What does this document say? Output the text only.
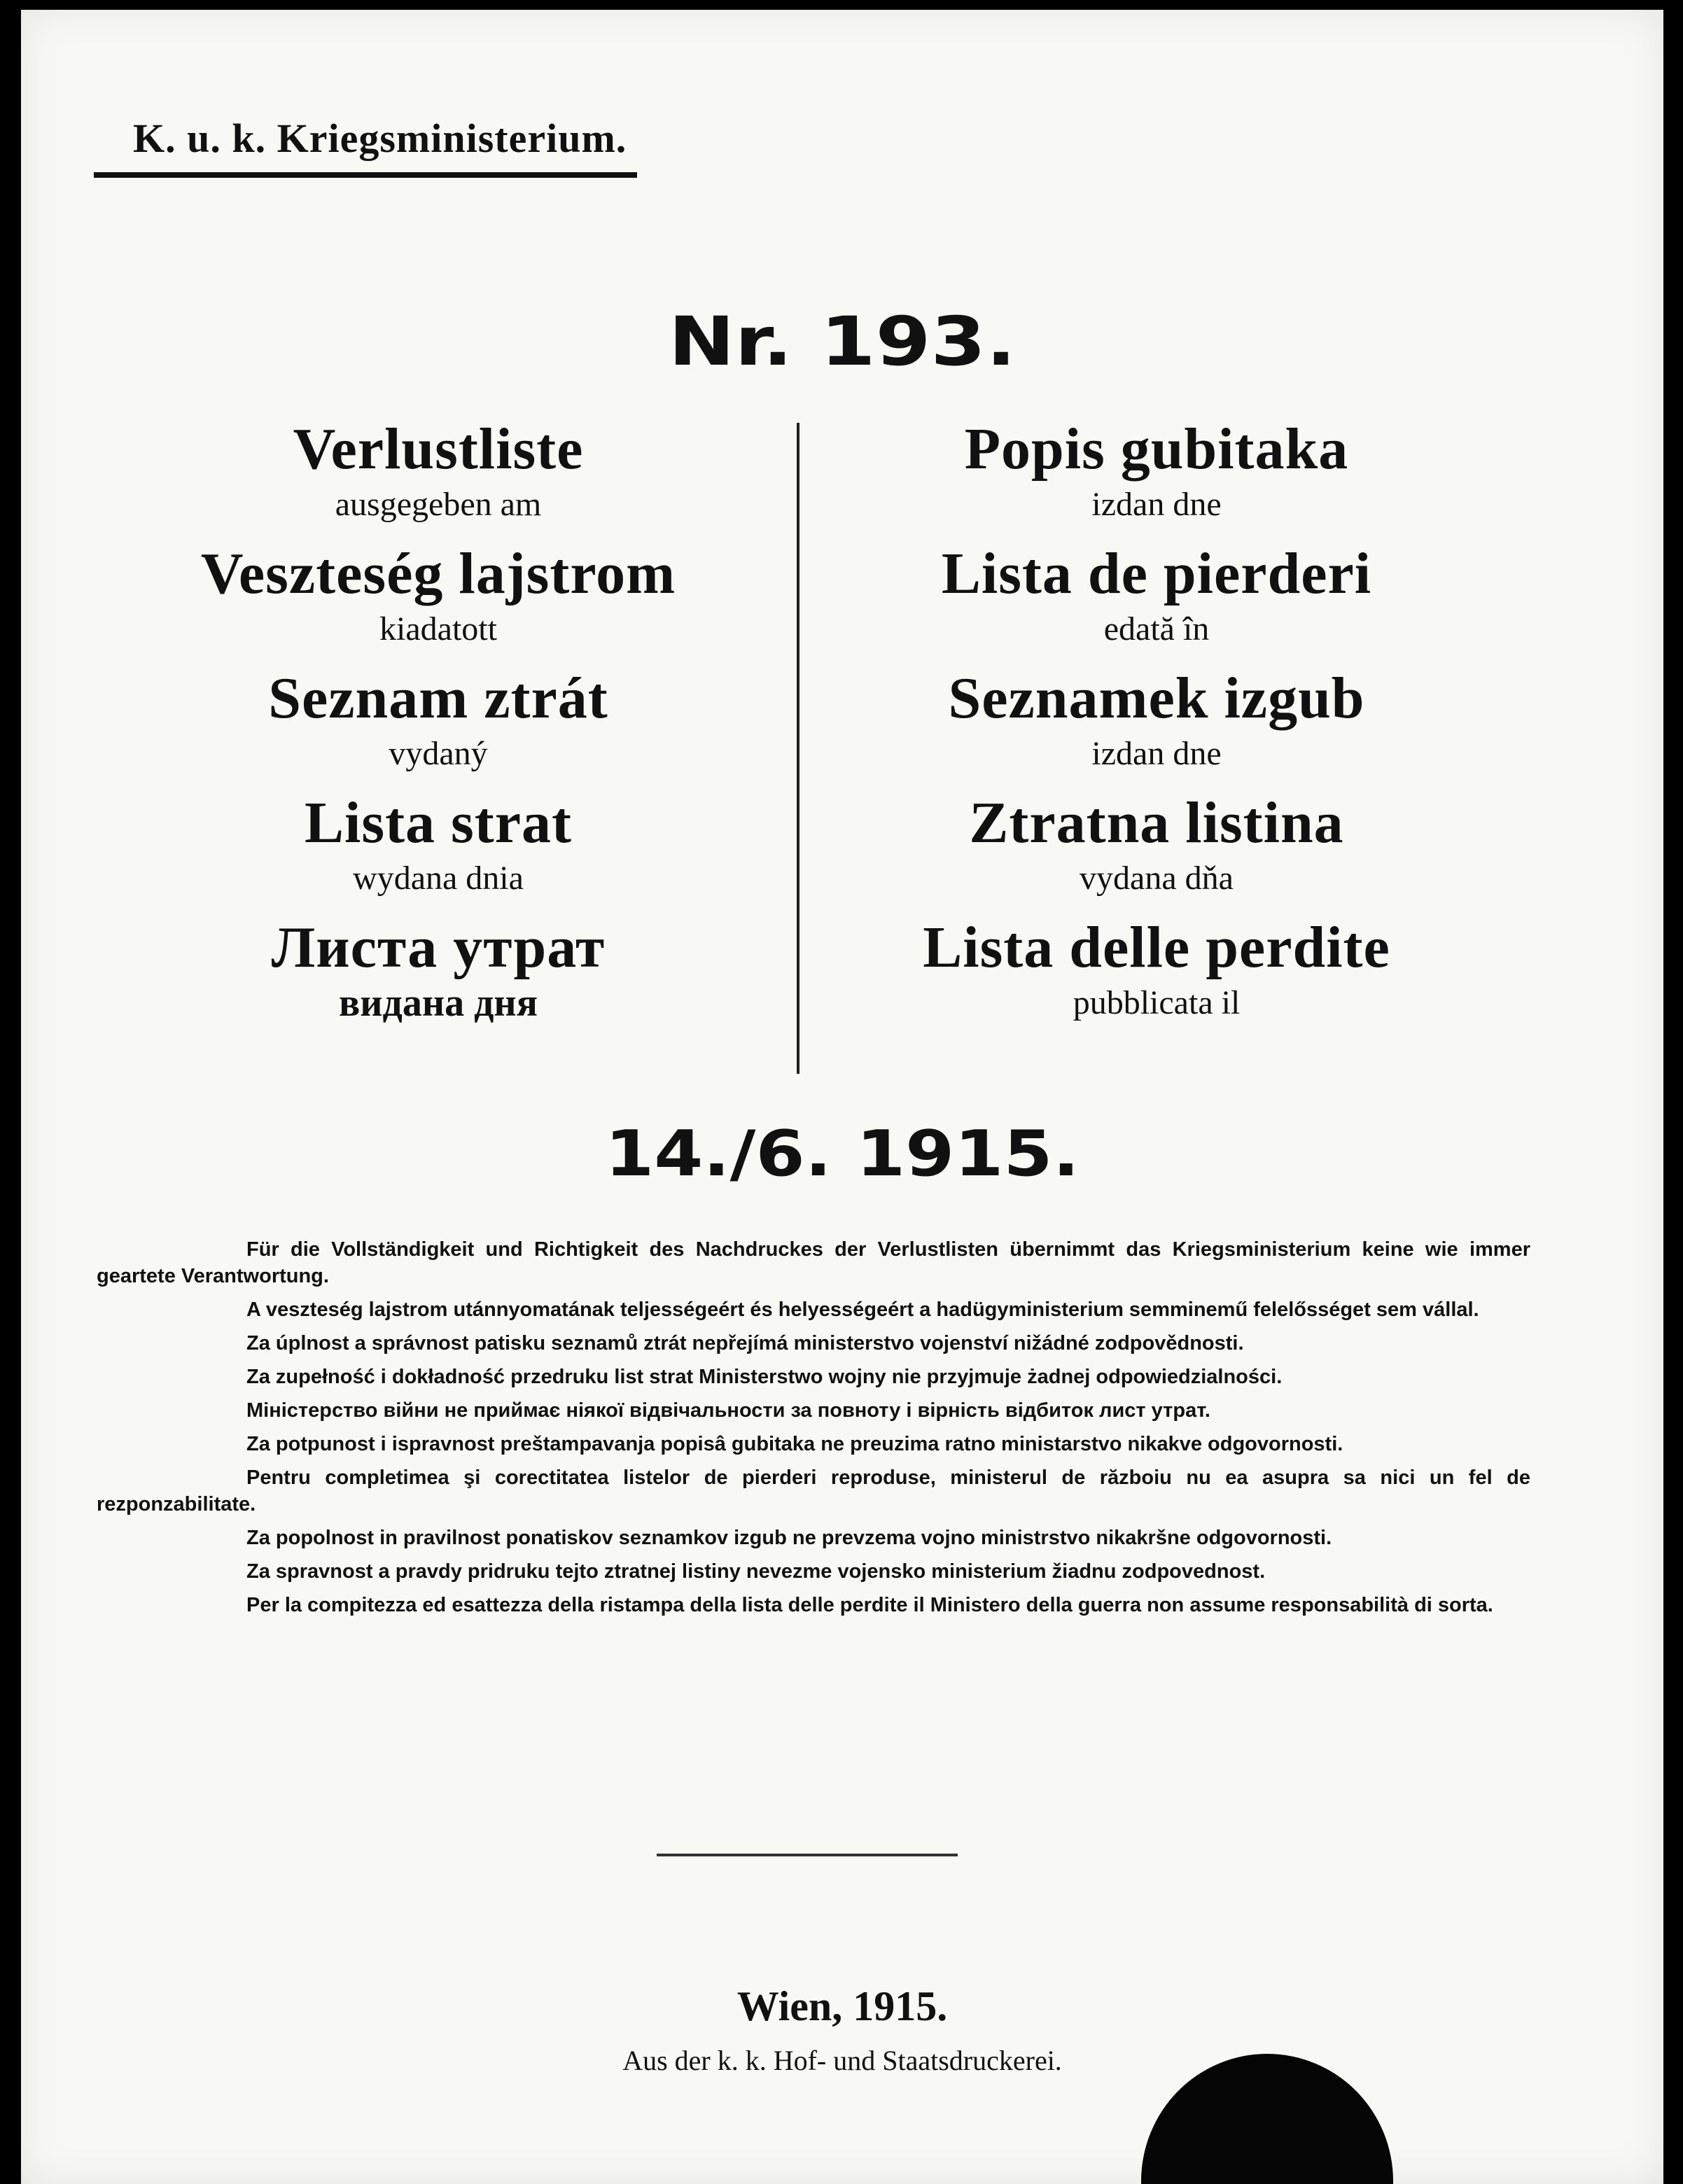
K. u. k. Kriegsministerium.
Nr. 193.
Verlustliste
ausgegeben am
Veszteség lajstrom
kiadatott
Seznam ztrát
vydaný
Lista strat
wydana dnia
Листа утрат
видана дня
Popis gubitaka
izdan dne
Lista de pierderi
edată în
Seznamek izgub
izdan dne
Ztratna listina
vydana dňa
Lista delle perdite
pubblicata il
14./6. 1915.

Für die Vollständigkeit und Richtigkeit des Nachdruckes der Verlustlisten übernimmt das Kriegsministerium keine wie immer geartete Verantwortung.

A veszteség lajstrom utánnyomatának teljességeért és helyességeért a hadügyministerium semminemű felelősséget sem vállal.

Za úplnost a správnost patisku seznamů ztrát nepřejímá ministerstvo vojenství nižádné zodpovědnosti.

Za zupełność i dokładność przedruku list strat Ministerstwo wojny nie przyjmuje żadnej odpowiedzialności.

Міністерство війни не приймає ніякої відвічальности за повноту і вірність відбиток лист утрат.

Za potpunost i ispravnost preštampavanja popisâ gubitaka ne preuzima ratno ministarstvo nikakve odgovornosti.

Pentru completimea şi corectitatea listelor de pierderi reproduse, ministerul de războiu nu ea asupra sa nici un fel de rezponzabilitate.

Za popolnost in pravilnost ponatiskov seznamkov izgub ne prevzema vojno ministrstvo nikakršne odgovornosti.

Za spravnost a pravdy pridruku tejto ztratnej listiny nevezme vojensko ministerium žiadnu zodpovednost.

Per la compitezza ed esattezza della ristampa della lista delle perdite il Ministero della guerra non assume responsabilità di sorta.

Wien, 1915.
Aus der k. k. Hof- und Staatsdruckerei.
